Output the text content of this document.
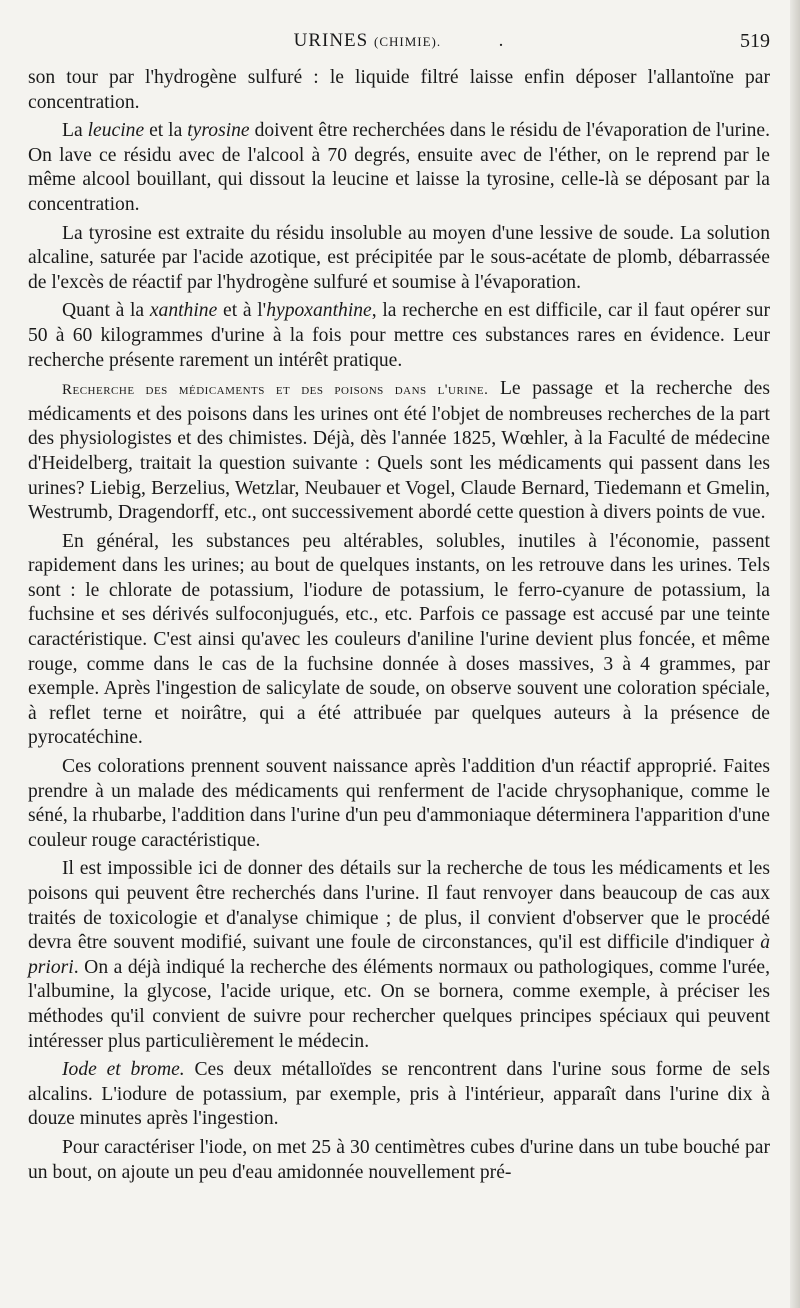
URINES (CHIMIE).	.	519

son tour par l'hydrogène sulfuré : le liquide filtré laisse enfin déposer l'allantoïne par concentration.

La leucine et la tyrosine doivent être recherchées dans le résidu de l'évaporation de l'urine. On lave ce résidu avec de l'alcool à 70 degrés, ensuite avec de l'éther, on le reprend par le même alcool bouillant, qui dissout la leucine et laisse la tyrosine, celle-là se déposant par la concentration.

La tyrosine est extraite du résidu insoluble au moyen d'une lessive de soude. La solution alcaline, saturée par l'acide azotique, est précipitée par le sous-acétate de plomb, débarrassée de l'excès de réactif par l'hydrogène sulfuré et soumise à l'évaporation.

Quant à la xanthine et à l'hypoxanthine, la recherche en est difficile, car il faut opérer sur 50 à 60 kilogrammes d'urine à la fois pour mettre ces substances rares en évidence. Leur recherche présente rarement un intérêt pratique.

Recherche des médicaments et des poisons dans l'urine. Le passage et la recherche des médicaments et des poisons dans les urines ont été l'objet de nombreuses recherches de la part des physiologistes et des chimistes. Déjà, dès l'année 1825, Wœhler, à la Faculté de médecine d'Heidelberg, traitait la question suivante : Quels sont les médicaments qui passent dans les urines? Liebig, Berzelius, Wetzlar, Neubauer et Vogel, Claude Bernard, Tiedemann et Gmelin, Westrumb, Dragendorff, etc., ont successivement abordé cette question à divers points de vue.

En général, les substances peu altérables, solubles, inutiles à l'économie, passent rapidement dans les urines; au bout de quelques instants, on les retrouve dans les urines. Tels sont : le chlorate de potassium, l'iodure de potassium, le ferro-cyanure de potassium, la fuchsine et ses dérivés sulfoconjugués, etc., etc. Parfois ce passage est accusé par une teinte caractéristique. C'est ainsi qu'avec les couleurs d'aniline l'urine devient plus foncée, et même rouge, comme dans le cas de la fuchsine donnée à doses massives, 3 à 4 grammes, par exemple. Après l'ingestion de salicylate de soude, on observe souvent une coloration spéciale, à reflet terne et noirâtre, qui a été attribuée par quelques auteurs à la présence de pyrocatéchine.

Ces colorations prennent souvent naissance après l'addition d'un réactif approprié. Faites prendre à un malade des médicaments qui renferment de l'acide chrysophanique, comme le séné, la rhubarbe, l'addition dans l'urine d'un peu d'ammoniaque déterminera l'apparition d'une couleur rouge caractéristique.

Il est impossible ici de donner des détails sur la recherche de tous les médicaments et les poisons qui peuvent être recherchés dans l'urine. Il faut renvoyer dans beaucoup de cas aux traités de toxicologie et d'analyse chimique ; de plus, il convient d'observer que le procédé devra être souvent modifié, suivant une foule de circonstances, qu'il est difficile d'indiquer à priori. On a déjà indiqué la recherche des éléments normaux ou pathologiques, comme l'urée, l'albumine, la glycose, l'acide urique, etc. On se bornera, comme exemple, à préciser les méthodes qu'il convient de suivre pour rechercher quelques principes spéciaux qui peuvent intéresser plus particulièrement le médecin.

Iode et brome. Ces deux métalloïdes se rencontrent dans l'urine sous forme de sels alcalins. L'iodure de potassium, par exemple, pris à l'intérieur, apparaît dans l'urine dix à douze minutes après l'ingestion.

Pour caractériser l'iode, on met 25 à 30 centimètres cubes d'urine dans un tube bouché par un bout, on ajoute un peu d'eau amidonnée nouvellement pré-
